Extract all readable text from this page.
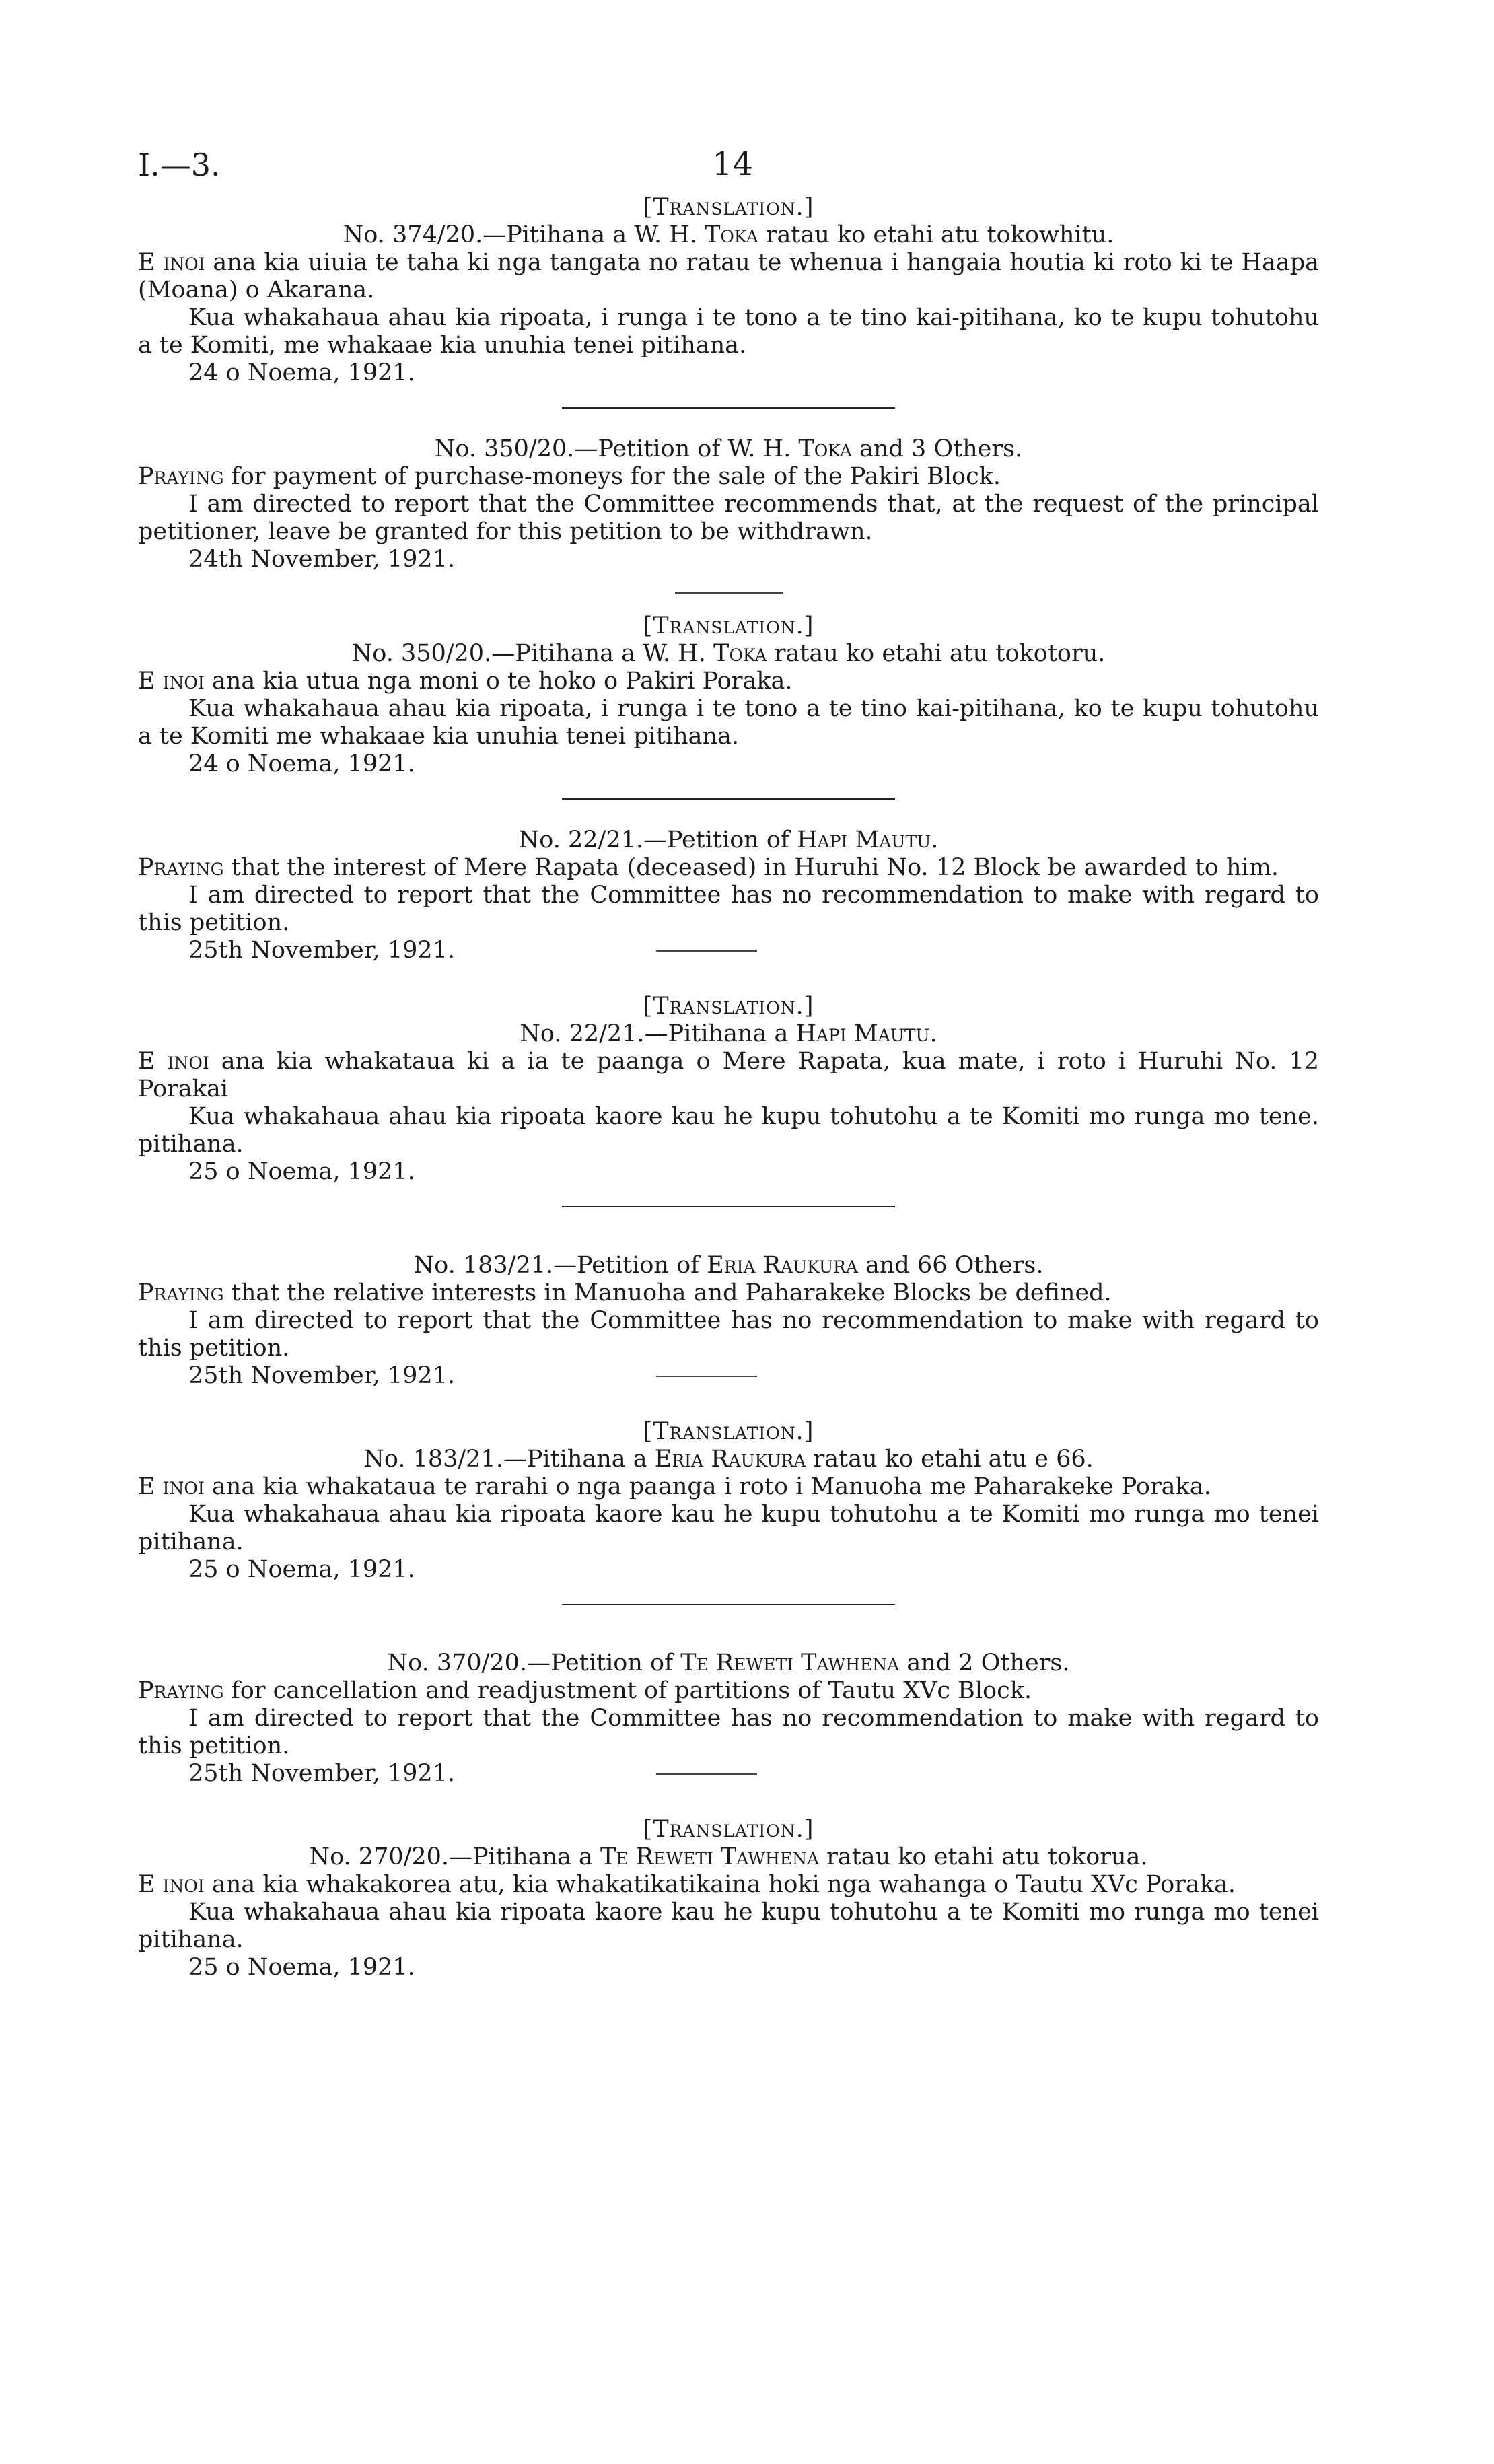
I.—3.	14
[Translation.]
No. 374/20.—Pitihana a W. H. Toka ratau ko etahi atu tokowhitu.

E inoi ana kia uiuia te taha ki nga tangata no ratau te whenua i hangaia houtia ki roto ki te Haapa (Moana) o Akarana.

Kua whakahaua ahau kia ripoata, i runga i te tono a te tino kai-pitihana, ko te kupu tohutohu a te Komiti, me whakaae kia unuhia tenei pitihana.

24 o Noema, 1921.

No. 350/20.—Petition of W. H. Toka and 3 Others.

Praying for payment of purchase-moneys for the sale of the Pakiri Block.

I am directed to report that the Committee recommends that, at the request of the principal petitioner, leave be granted for this petition to be withdrawn.

24th November, 1921.

[Translation.]
No. 350/20.—Pitihana a W. H. Toka ratau ko etahi atu tokotoru.

E inoi ana kia utua nga moni o te hoko o Pakiri Poraka.

Kua whakahaua ahau kia ripoata, i runga i te tono a te tino kai-pitihana, ko te kupu tohutohu a te Komiti me whakaae kia unuhia tenei pitihana.

24 o Noema, 1921.

No. 22/21.—Petition of Hapi Mautu.

Praying that the interest of Mere Rapata (deceased) in Huruhi No. 12 Block be awarded to him.

I am directed to report that the Committee has no recommendation to make with regard to this petition.

25th November, 1921.
[Translation.]
No. 22/21.—Pitihana a Hapi Mautu.

E inoi ana kia whakataua ki a ia te paanga o Mere Rapata, kua mate, i roto i Huruhi No. 12 Porakai

Kua whakahaua ahau kia ripoata kaore kau he kupu tohutohu a te Komiti mo runga mo tene. pitihana.

25 o Noema, 1921.

No. 183/21.—Petition of Eria Raukura and 66 Others.

Praying that the relative interests in Manuoha and Paharakeke Blocks be defined.

I am directed to report that the Committee has no recommendation to make with regard to this petition.

25th November, 1921.
[Translation.]
No. 183/21.—Pitihana a Eria Raukura ratau ko etahi atu e 66.

E inoi ana kia whakataua te rarahi o nga paanga i roto i Manuoha me Paharakeke Poraka.

Kua whakahaua ahau kia ripoata kaore kau he kupu tohutohu a te Komiti mo runga mo tenei pitihana.

25 o Noema, 1921.

No. 370/20.—Petition of Te Reweti Tawhena and 2 Others.

Praying for cancellation and readjustment of partitions of Tautu XVc Block.

I am directed to report that the Committee has no recommendation to make with regard to this petition.

25th November, 1921.
[Translation.]
No. 270/20.—Pitihana a Te Reweti Tawhena ratau ko etahi atu tokorua.

E inoi ana kia whakakorea atu, kia whakatikatikaina hoki nga wahanga o Tautu XVc Poraka.

Kua whakahaua ahau kia ripoata kaore kau he kupu tohutohu a te Komiti mo runga mo tenei pitihana.

25 o Noema, 1921.
